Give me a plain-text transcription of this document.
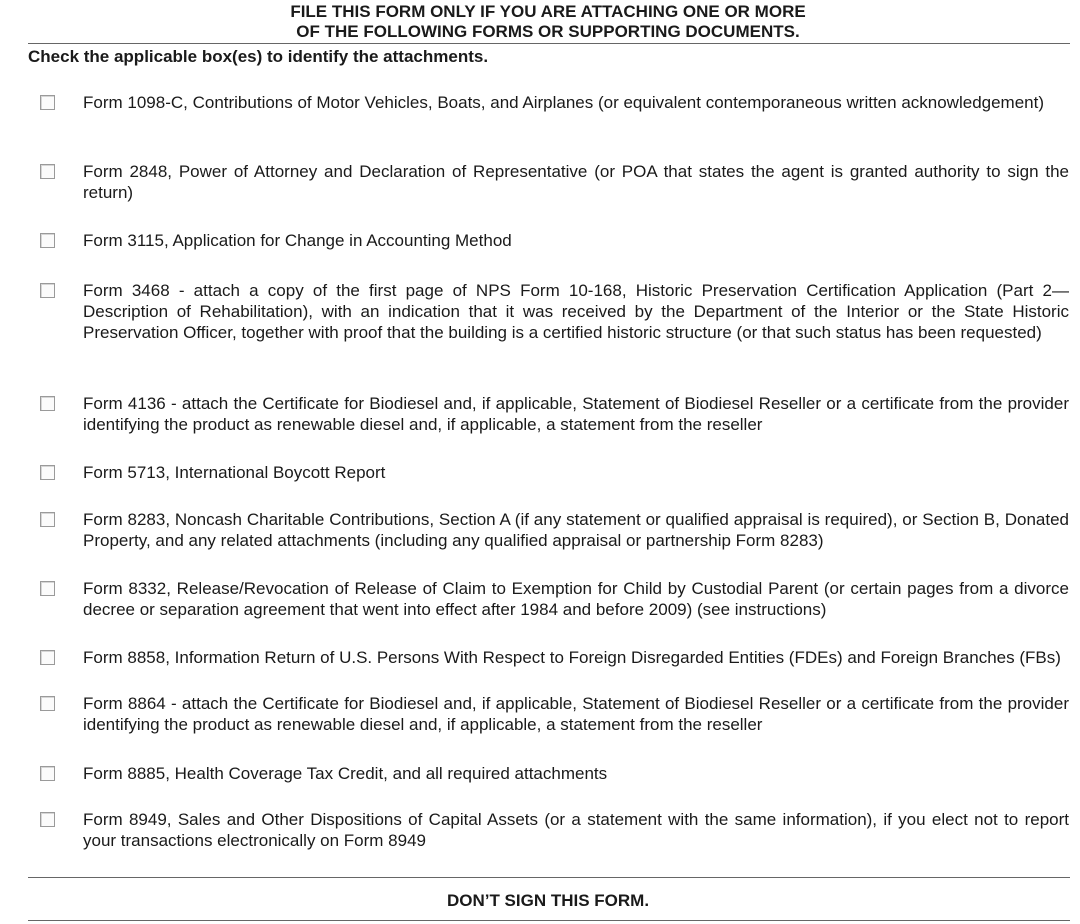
FILE THIS FORM ONLY IF YOU ARE ATTACHING ONE OR MORE
OF THE FOLLOWING FORMS OR SUPPORTING DOCUMENTS.
Check the applicable box(es) to identify the attachments.
Form 1098-C, Contributions of Motor Vehicles, Boats, and Airplanes (or equivalent contemporaneous written acknowledgement)
Form 2848, Power of Attorney and Declaration of Representative (or POA that states the agent is granted authority to sign the return)
Form 3115, Application for Change in Accounting Method
Form 3468 - attach a copy of the first page of NPS Form 10-168, Historic Preservation Certification Application (Part 2—Description of Rehabilitation), with an indication that it was received by the Department of the Interior or the State Historic Preservation Officer, together with proof that the building is a certified historic structure (or that such status has been requested)
Form 4136 - attach the Certificate for Biodiesel and, if applicable, Statement of Biodiesel Reseller or a certificate from the provider identifying the product as renewable diesel and, if applicable, a statement from the reseller
Form 5713, International Boycott Report
Form 8283, Noncash Charitable Contributions, Section A (if any statement or qualified appraisal is required), or Section B, Donated Property, and any related attachments (including any qualified appraisal or partnership Form 8283)
Form 8332, Release/Revocation of Release of Claim to Exemption for Child by Custodial Parent (or certain pages from a divorce decree or separation agreement that went into effect after 1984 and before 2009) (see instructions)
Form 8858, Information Return of U.S. Persons With Respect to Foreign Disregarded Entities (FDEs) and Foreign Branches (FBs)
Form 8864 - attach the Certificate for Biodiesel and, if applicable, Statement of Biodiesel Reseller or a certificate from the provider identifying the product as renewable diesel and, if applicable, a statement from the reseller
Form 8885, Health Coverage Tax Credit, and all required attachments
Form 8949, Sales and Other Dispositions of Capital Assets (or a statement with the same information), if you elect not to report your transactions electronically on Form 8949
DON’T SIGN THIS FORM.
